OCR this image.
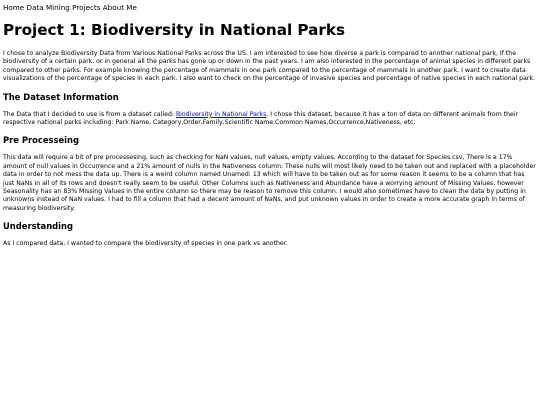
Home Data Mining Projects About Me
Project 1: Biodiversity in National Parks

I chose to analyze Biodiversity Data from Various National Parks across the US. I am interested to see how diverse a park is compared to another national park, If the biodiversity of a certain park, or in general all the parks has gone up or down in the past years. I am also interested in the percentage of animal species in different parks compared to other parks. For example knowing the percentage of mammals in one park compared to the percentage of mammals in another park. I want to create data visualizations of the percentage of species in each park. I also want to check on the percentage of invasive species and percentage of native species in each national park.

The Dataset Information

The Data that I decided to use is from a dataset called: Biodiversity in National Parks. I chose this dataset, because it has a ton of data on different animals from their respective national parks including: Park Name, Category,Order,Family,Scientific Name,Common Names,Occurrence,Nativeness, etc.

Pre Processeing

This data will require a bit of pre processesing, such as checking for NaN values, null values, empty values. According to the dataset for Species.csv, There is a 17% amount of null values in Occurrence and a 21% amount of nulls in the Nativeness column. These nulls will most likely need to be taken out and replaced with a placeholder data in order to not mess the data up. There is a weird column named Unamed: 13 which will have to be taken out as for some reason it seems to be a column that has just NaNs in all of its rows and doesn't really seem to be useful. Other Columns such as Nativeness and Abundance have a worrying amount of Missing Values, however Seasonality has an 83% Missing Values in the entire column so there may be reason to remove this column. I would also sometimes have to clean the data by putting in unknowns instead of NaN values. I had to fill a column that had a decent amount of NaNs, and put unknown values in order to create a more accurate graph in terms of measuring biodiversity.

Understanding

As I compared data, I wanted to compare the biodiversity of species in one park vs another.
